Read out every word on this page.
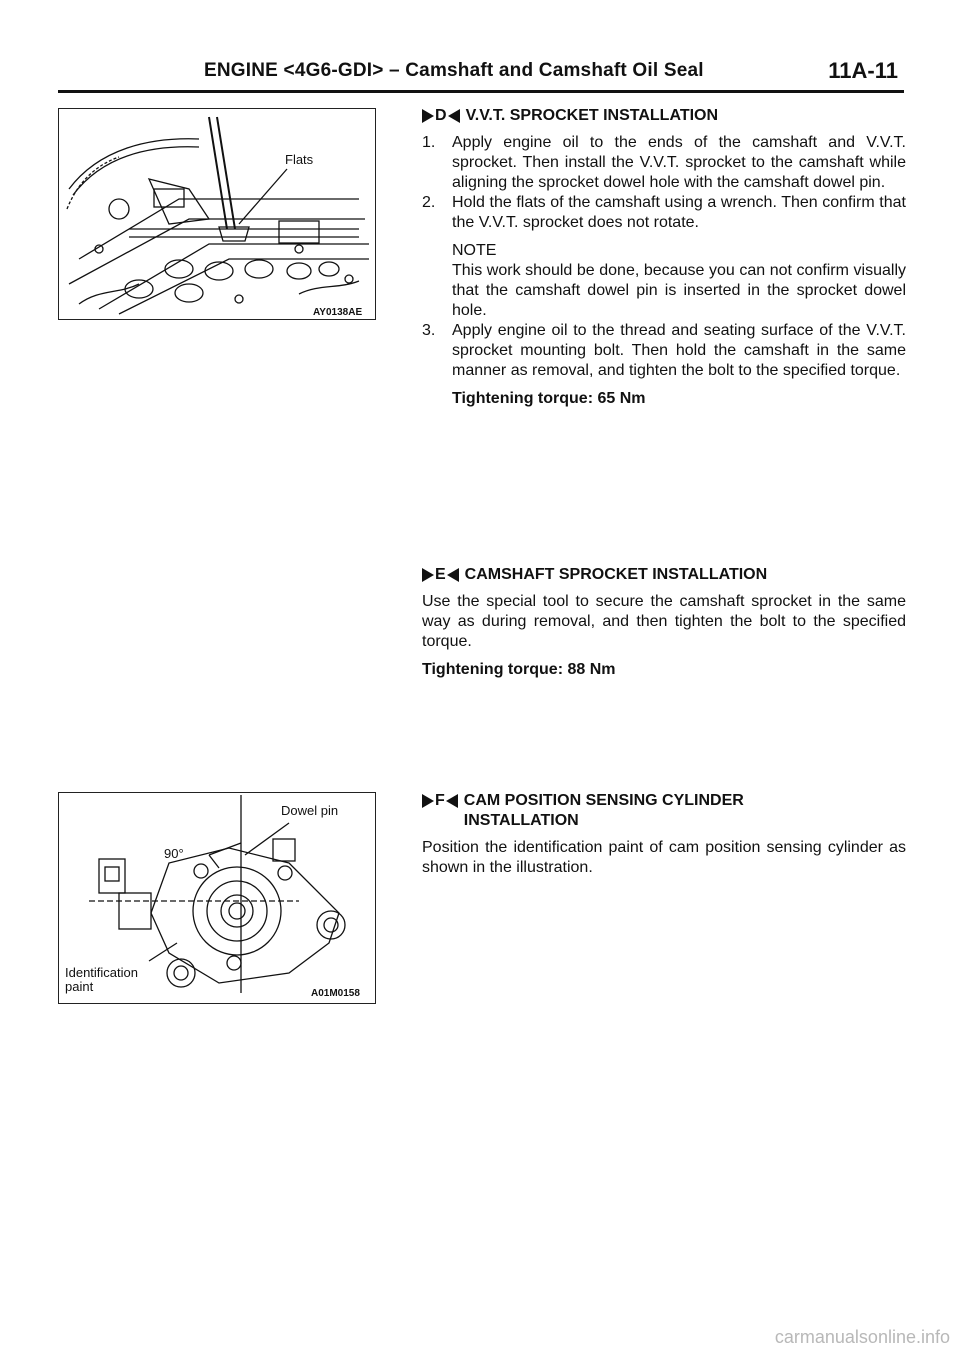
ENGINE <4G6-GDI> – Camshaft and Camshaft Oil Seal	11A-11
Flats
AY0138AE
Dowel pin
90°
Identification
paint	A01M0158
D V.V.T. SPROCKET INSTALLATION
1.	Apply engine oil to the ends of the camshaft and V.V.T. sprocket. Then install the V.V.T. sprocket to the camshaft while aligning the sprocket dowel hole with the camshaft dowel pin.
2.	Hold the flats of the camshaft using a wrench. Then confirm that the V.V.T. sprocket does not rotate.
NOTE
This work should be done, because you can not confirm visually that the camshaft dowel pin is inserted in the sprocket dowel hole.
3.	Apply engine oil to the thread and seating surface of the V.V.T. sprocket mounting bolt. Then hold the camshaft in the same manner as removal, and tighten the bolt to the specified torque.
Tightening torque: 65 Nm
E CAMSHAFT SPROCKET INSTALLATION
Use the special tool to secure the camshaft sprocket in the same way as during removal, and then tighten the bolt to the specified torque.
Tightening torque: 88 Nm
F CAM POSITION SENSING CYLINDER
INSTALLATION
Position the identification paint of cam position sensing cylinder as shown in the illustration.
carmanualsonline.info
